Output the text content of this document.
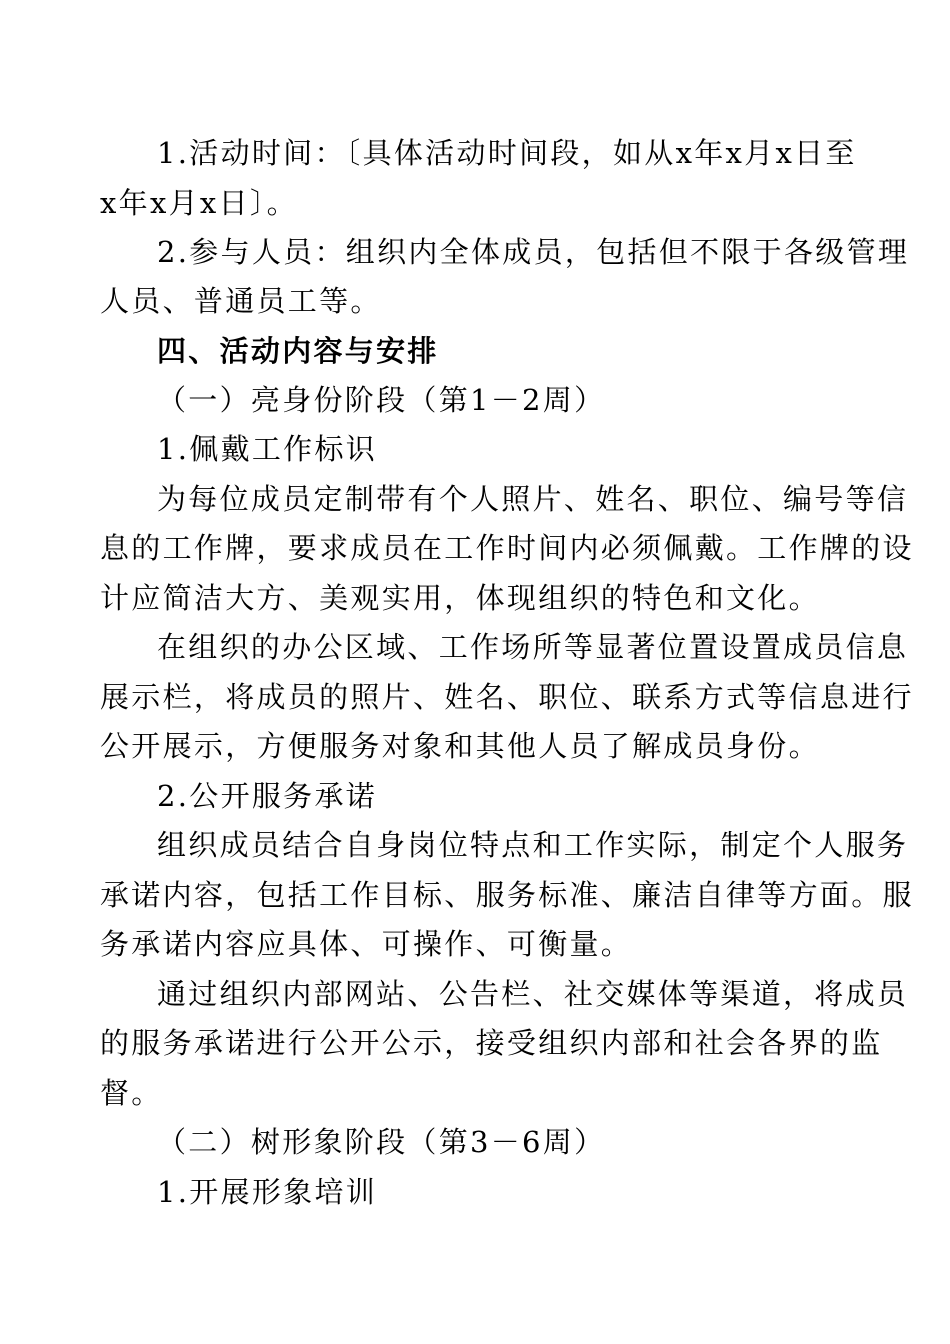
1.活动时间：〔具体活动时间段，如从x年x月x日至
x年x月x日〕。
2.参与人员：组织内全体成员，包括但不限于各级管理
人员、普通员工等。
四、活动内容与安排
（一）亮身份阶段（第1－2周）
1.佩戴工作标识
为每位成员定制带有个人照片、姓名、职位、编号等信
息的工作牌，要求成员在工作时间内必须佩戴。工作牌的设
计应简洁大方、美观实用，体现组织的特色和文化。
在组织的办公区域、工作场所等显著位置设置成员信息
展示栏，将成员的照片、姓名、职位、联系方式等信息进行
公开展示，方便服务对象和其他人员了解成员身份。
2.公开服务承诺
组织成员结合自身岗位特点和工作实际，制定个人服务
承诺内容，包括工作目标、服务标准、廉洁自律等方面。服
务承诺内容应具体、可操作、可衡量。
通过组织内部网站、公告栏、社交媒体等渠道，将成员
的服务承诺进行公开公示，接受组织内部和社会各界的监
督。
（二）树形象阶段（第3－6周）
1.开展形象培训
